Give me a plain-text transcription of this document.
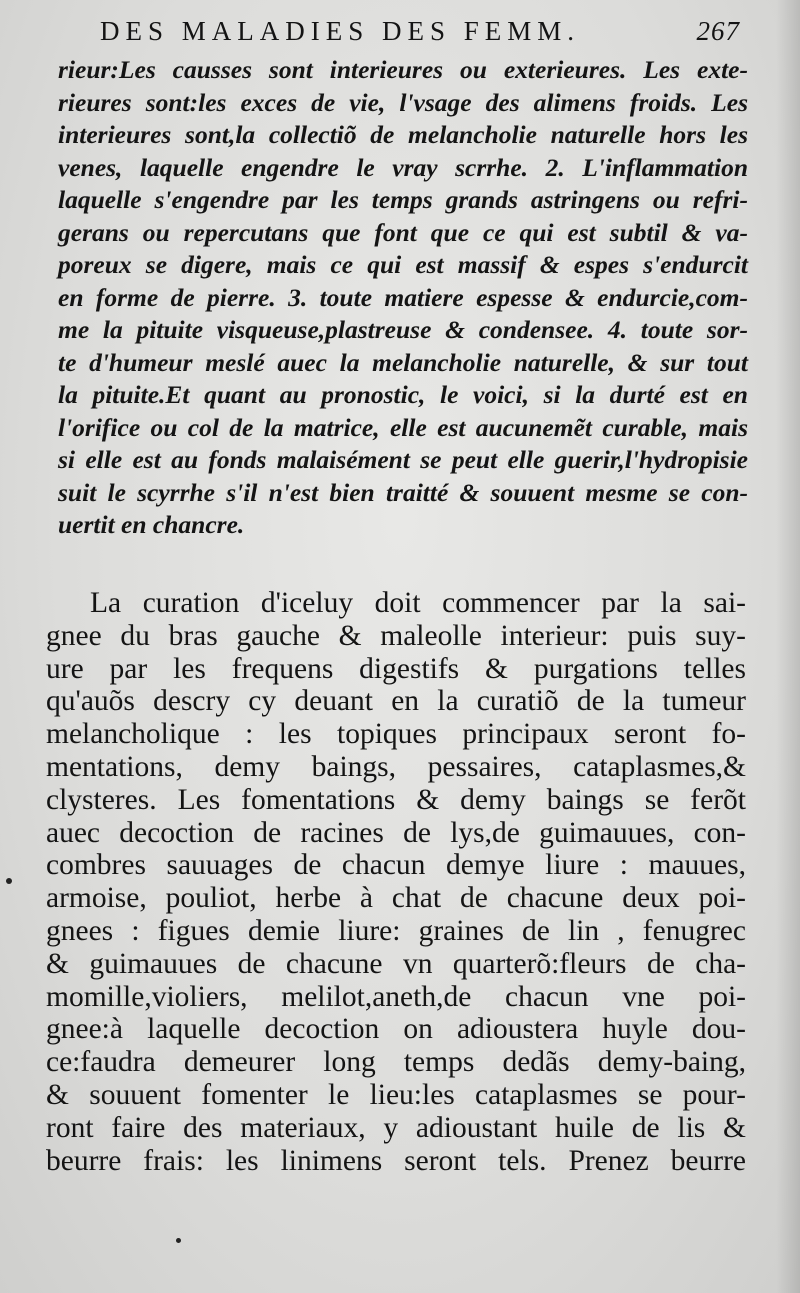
DES MALADIES DES FEMM.	267
rieur:Les causses sont interieures ou exterieures. Les exte-
rieures sont:les exces de vie, l'vsage des alimens froids. Les
interieures sont,la collectiõ de melancholie naturelle hors les
venes, laquelle engendre le vray scrrhe. 2. L'inflammation
laquelle s'engendre par les temps grands astringens ou refri-
gerans ou repercutans que font que ce qui est subtil & va-
poreux se digere, mais ce qui est massif & espes s'endurcit
en forme de pierre. 3. toute matiere espesse & endurcie,com-
me la pituite visqueuse,plastreuse & condensee. 4. toute sor-
te d'humeur meslé auec la melancholie naturelle, & sur tout
la pituite.Et quant au pronostic, le voici, si la durté est en
l'orifice ou col de la matrice, elle est aucunemẽt curable, mais
si elle est au fonds malaisément se peut elle guerir,l'hydropisie
suit le scyrrhe s'il n'est bien traitté & souuent mesme se con-
uertit en chancre.
La curation d'iceluy doit commencer par la sai-
gnee du bras gauche & maleolle interieur: puis suy-
ure par les frequens digestifs & purgations telles
qu'auõs descry cy deuant en la curatiõ de la tumeur
melancholique : les topiques principaux seront fo-
mentations, demy baings, pessaires, cataplasmes,&
clysteres. Les fomentations & demy baings se ferõt
auec decoction de racines de lys,de guimauues, con-
combres sauuages de chacun demye liure : mauues,
armoise, pouliot, herbe à chat de chacune deux poi-
gnees : figues demie liure: graines de lin , fenugrec
& guimauues de chacune vn quarterõ:fleurs de cha-
momille,violiers, melilot,aneth,de chacun vne poi-
gnee:à laquelle decoction on adioustera huyle dou-
ce:faudra demeurer long temps dedãs demy-baing,
& souuent fomenter le lieu:les cataplasmes se pour-
ront faire des materiaux, y adioustant huile de lis &
beurre frais: les linimens seront tels. Prenez beurre
